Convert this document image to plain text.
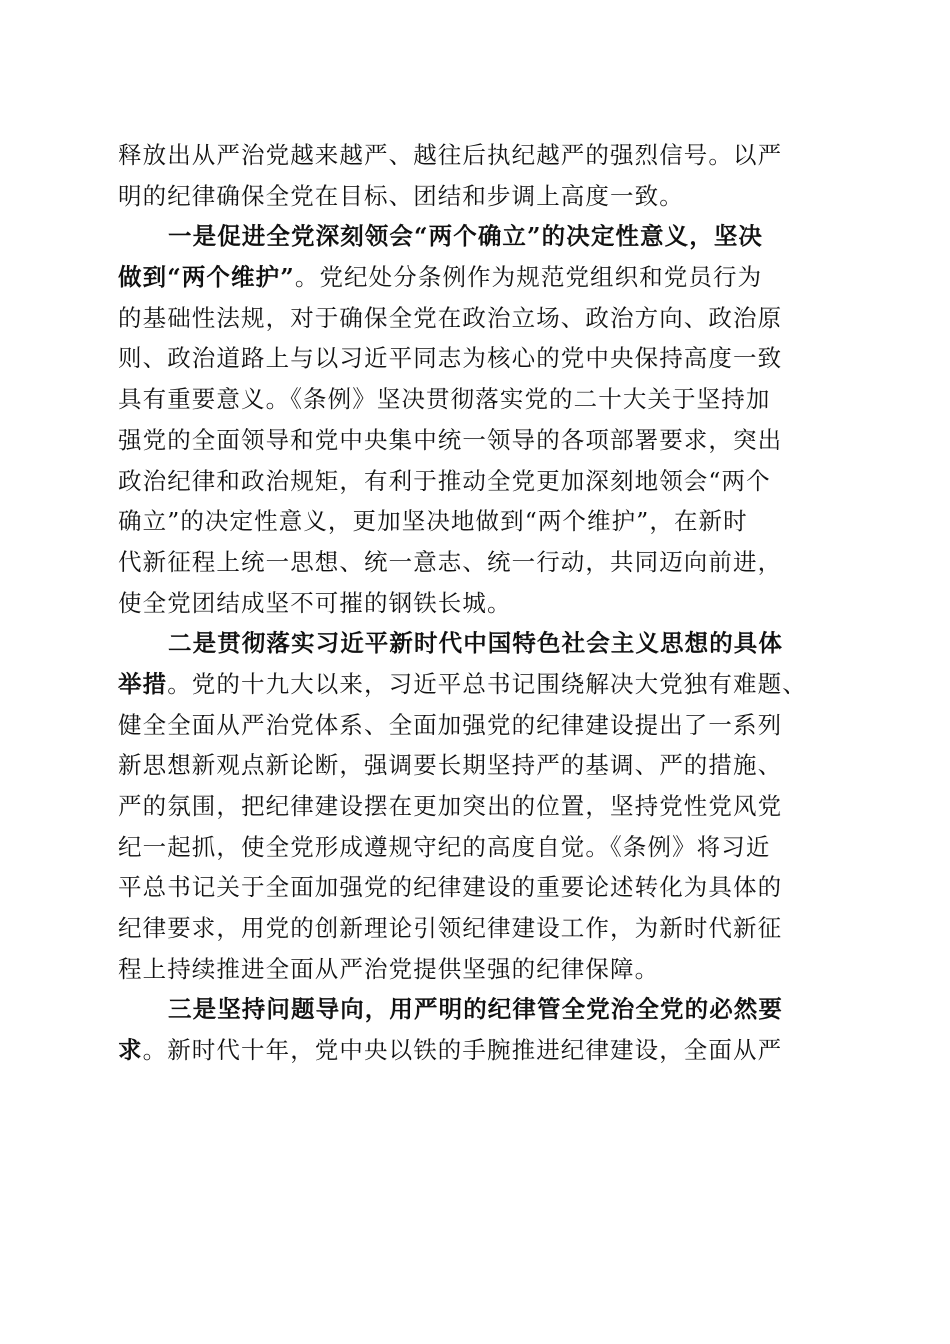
释放出从严治党越来越严、越往后执纪越严的强烈信号。以严
明的纪律确保全党在目标、团结和步调上高度一致。
一是促进全党深刻领会“两个确立”的决定性意义，坚决
做到“两个维护”。党纪处分条例作为规范党组织和党员行为
的基础性法规，对于确保全党在政治立场、政治方向、政治原
则、政治道路上与以习近平同志为核心的党中央保持高度一致
具有重要意义。《条例》坚决贯彻落实党的二十大关于坚持加
强党的全面领导和党中央集中统一领导的各项部署要求，突出
政治纪律和政治规矩，有利于推动全党更加深刻地领会“两个
确立”的决定性意义，更加坚决地做到“两个维护”，在新时
代新征程上统一思想、统一意志、统一行动，共同迈向前进，
使全党团结成坚不可摧的钢铁长城。
二是贯彻落实习近平新时代中国特色社会主义思想的具体
举措。党的十九大以来，习近平总书记围绕解决大党独有难题、
健全全面从严治党体系、全面加强党的纪律建设提出了一系列
新思想新观点新论断，强调要长期坚持严的基调、严的措施、
严的氛围，把纪律建设摆在更加突出的位置，坚持党性党风党
纪一起抓，使全党形成遵规守纪的高度自觉。《条例》将习近
平总书记关于全面加强党的纪律建设的重要论述转化为具体的
纪律要求，用党的创新理论引领纪律建设工作，为新时代新征
程上持续推进全面从严治党提供坚强的纪律保障。
三是坚持问题导向，用严明的纪律管全党治全党的必然要
求。新时代十年，党中央以铁的手腕推进纪律建设，全面从严
